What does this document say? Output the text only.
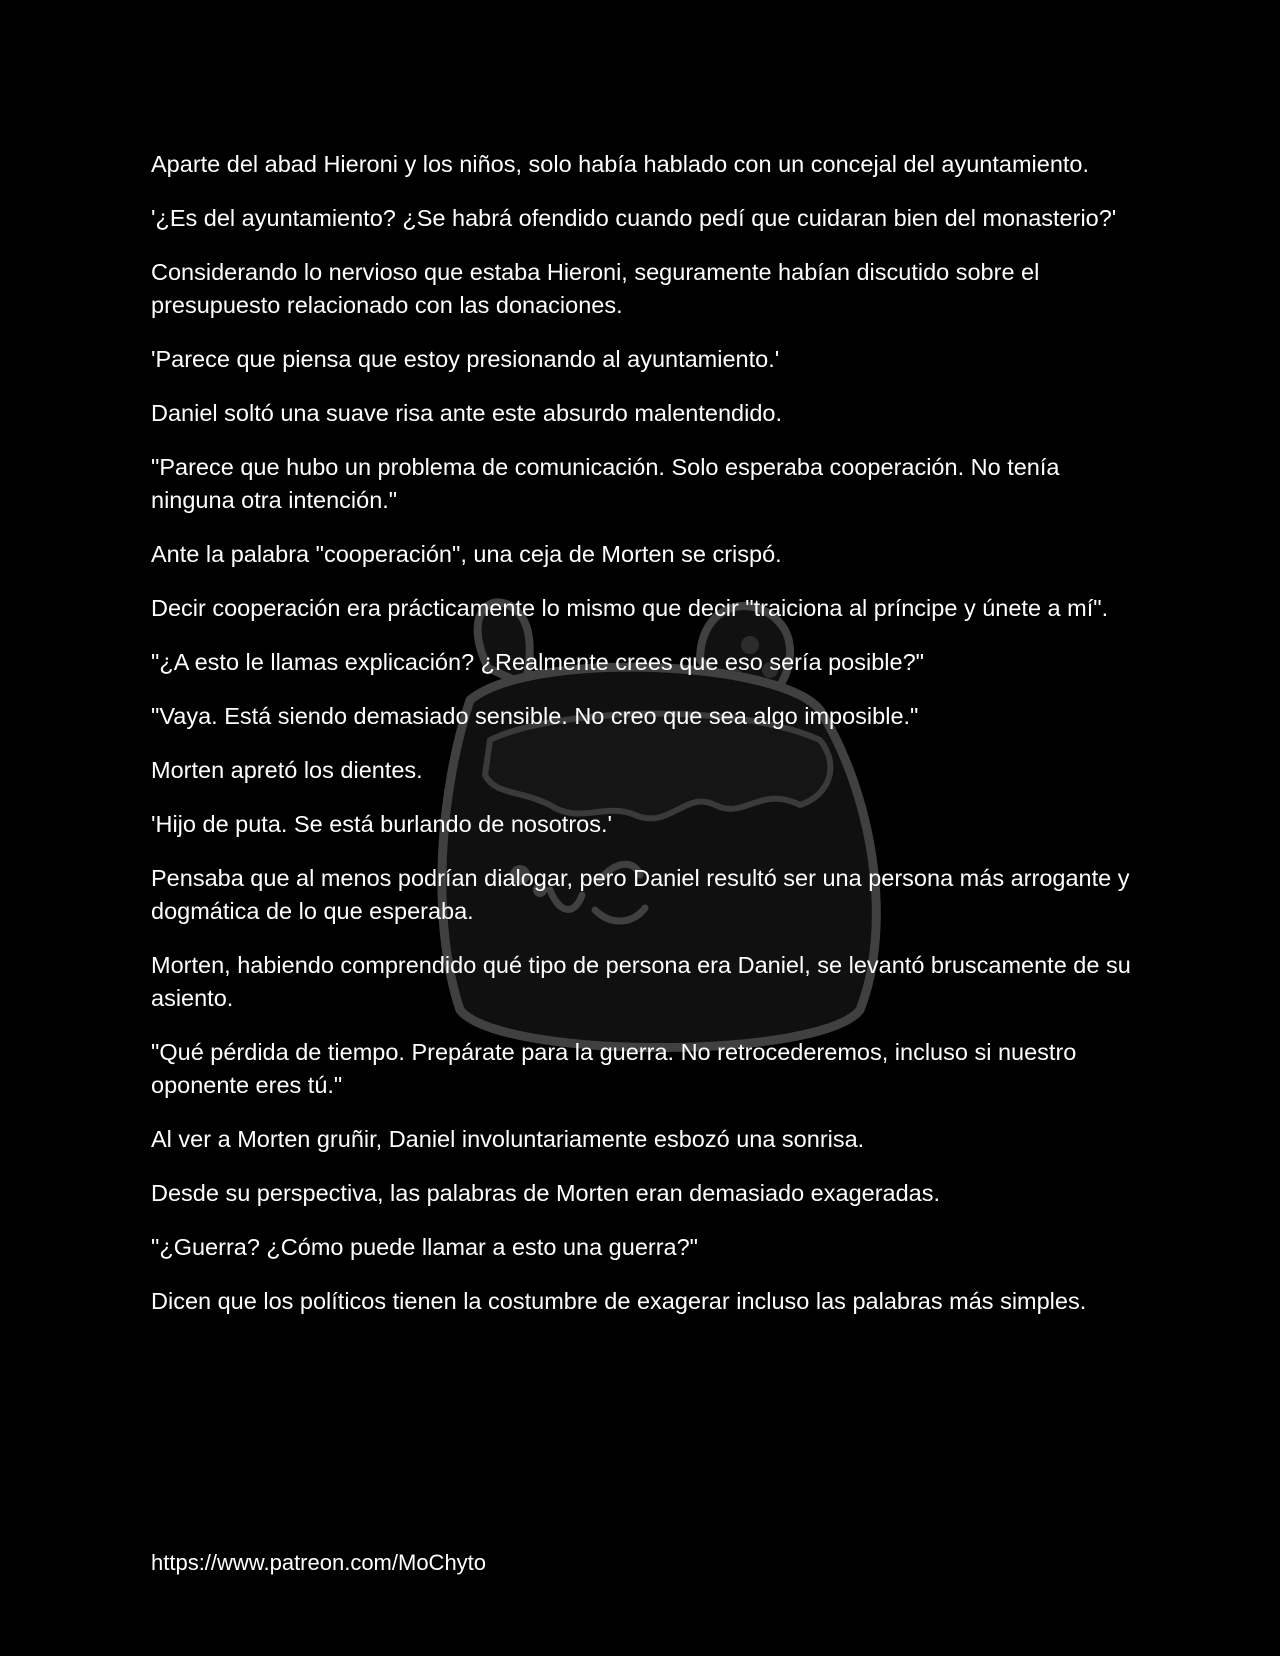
Aparte del abad Hieroni y los niños, solo había hablado con un concejal del ayuntamiento.

'¿Es del ayuntamiento? ¿Se habrá ofendido cuando pedí que cuidaran bien del monasterio?'

Considerando lo nervioso que estaba Hieroni, seguramente habían discutido sobre el presupuesto relacionado con las donaciones.

'Parece que piensa que estoy presionando al ayuntamiento.'

Daniel soltó una suave risa ante este absurdo malentendido.

"Parece que hubo un problema de comunicación. Solo esperaba cooperación. No tenía ninguna otra intención."

Ante la palabra "cooperación", una ceja de Morten se crispó.

Decir cooperación era prácticamente lo mismo que decir "traiciona al príncipe y únete a mí".

"¿A esto le llamas explicación? ¿Realmente crees que eso sería posible?"

"Vaya. Está siendo demasiado sensible. No creo que sea algo imposible."

Morten apretó los dientes.

'Hijo de puta. Se está burlando de nosotros.'

Pensaba que al menos podrían dialogar, pero Daniel resultó ser una persona más arrogante y dogmática de lo que esperaba.

Morten, habiendo comprendido qué tipo de persona era Daniel, se levantó bruscamente de su asiento.

"Qué pérdida de tiempo. Prepárate para la guerra. No retrocederemos, incluso si nuestro oponente eres tú."

Al ver a Morten gruñir, Daniel involuntariamente esbozó una sonrisa.

Desde su perspectiva, las palabras de Morten eran demasiado exageradas.

"¿Guerra? ¿Cómo puede llamar a esto una guerra?"

Dicen que los políticos tienen la costumbre de exagerar incluso las palabras más simples.

https://www.patreon.com/MoChyto
